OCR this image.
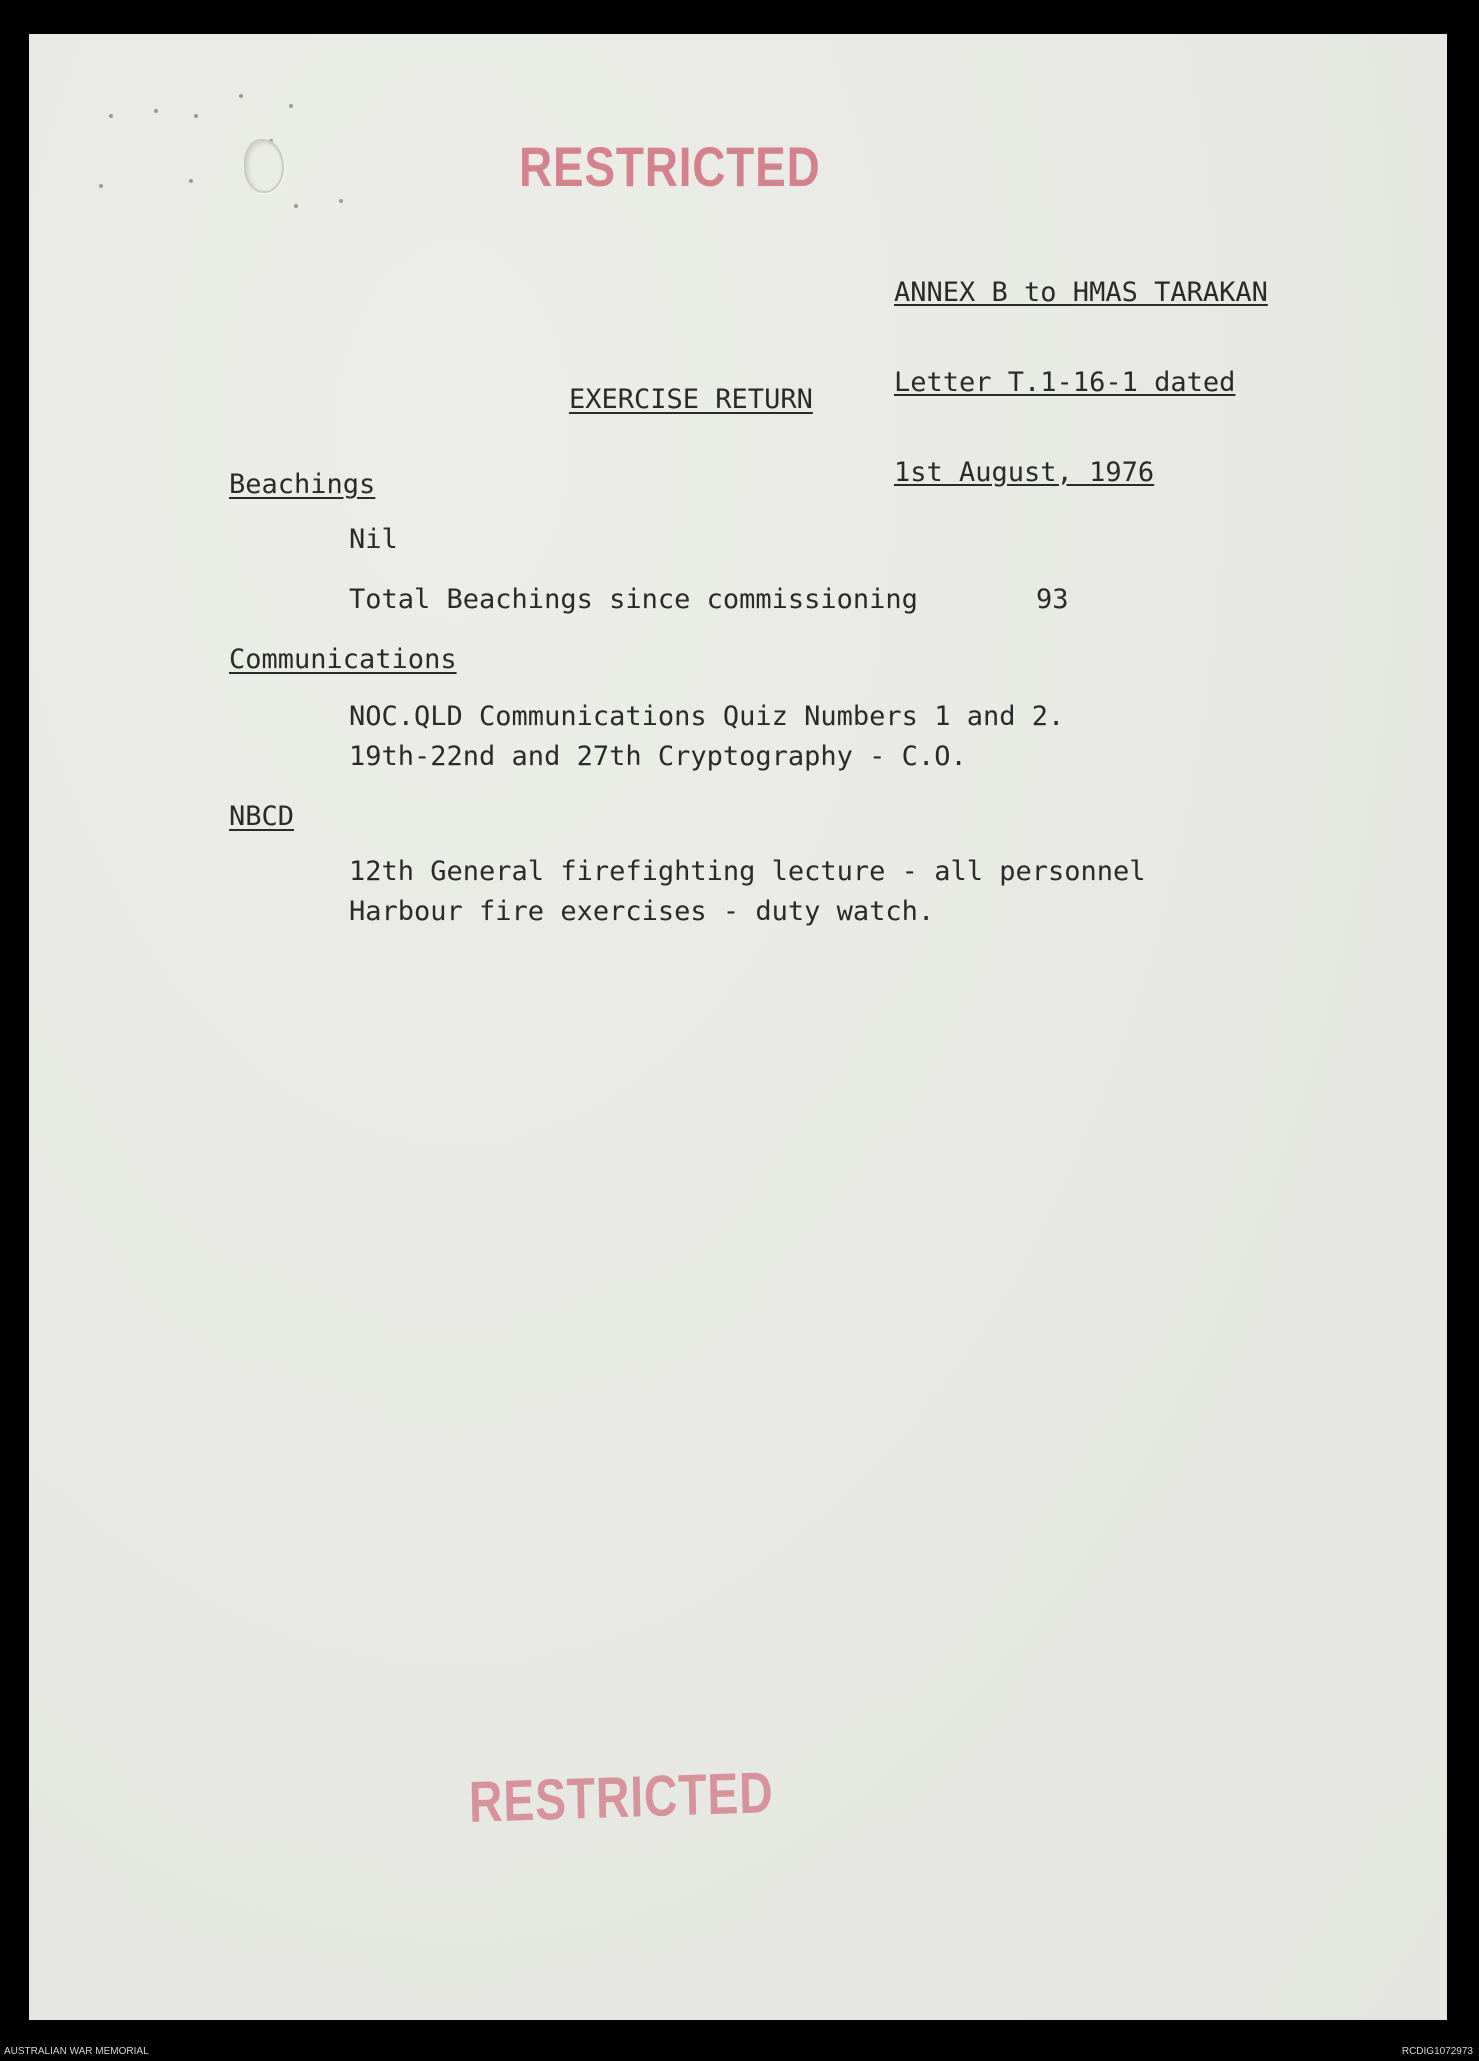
RESTRICTED

ANNEX B to HMAS TARAKAN

Letter T.1-16-1 dated

1st August, 1976

EXERCISE RETURN
Beachings
Nil
Total Beachings since commissioning	93
Communications
NOC.QLD Communications Quiz Numbers 1 and 2.
19th-22nd and 27th Cryptography - C.O.
NBCD
12th General firefighting lecture - all personnel
Harbour fire exercises - duty watch.
RESTRICTED
AUSTRALIAN WAR MEMORIAL	RCDIG1072973
